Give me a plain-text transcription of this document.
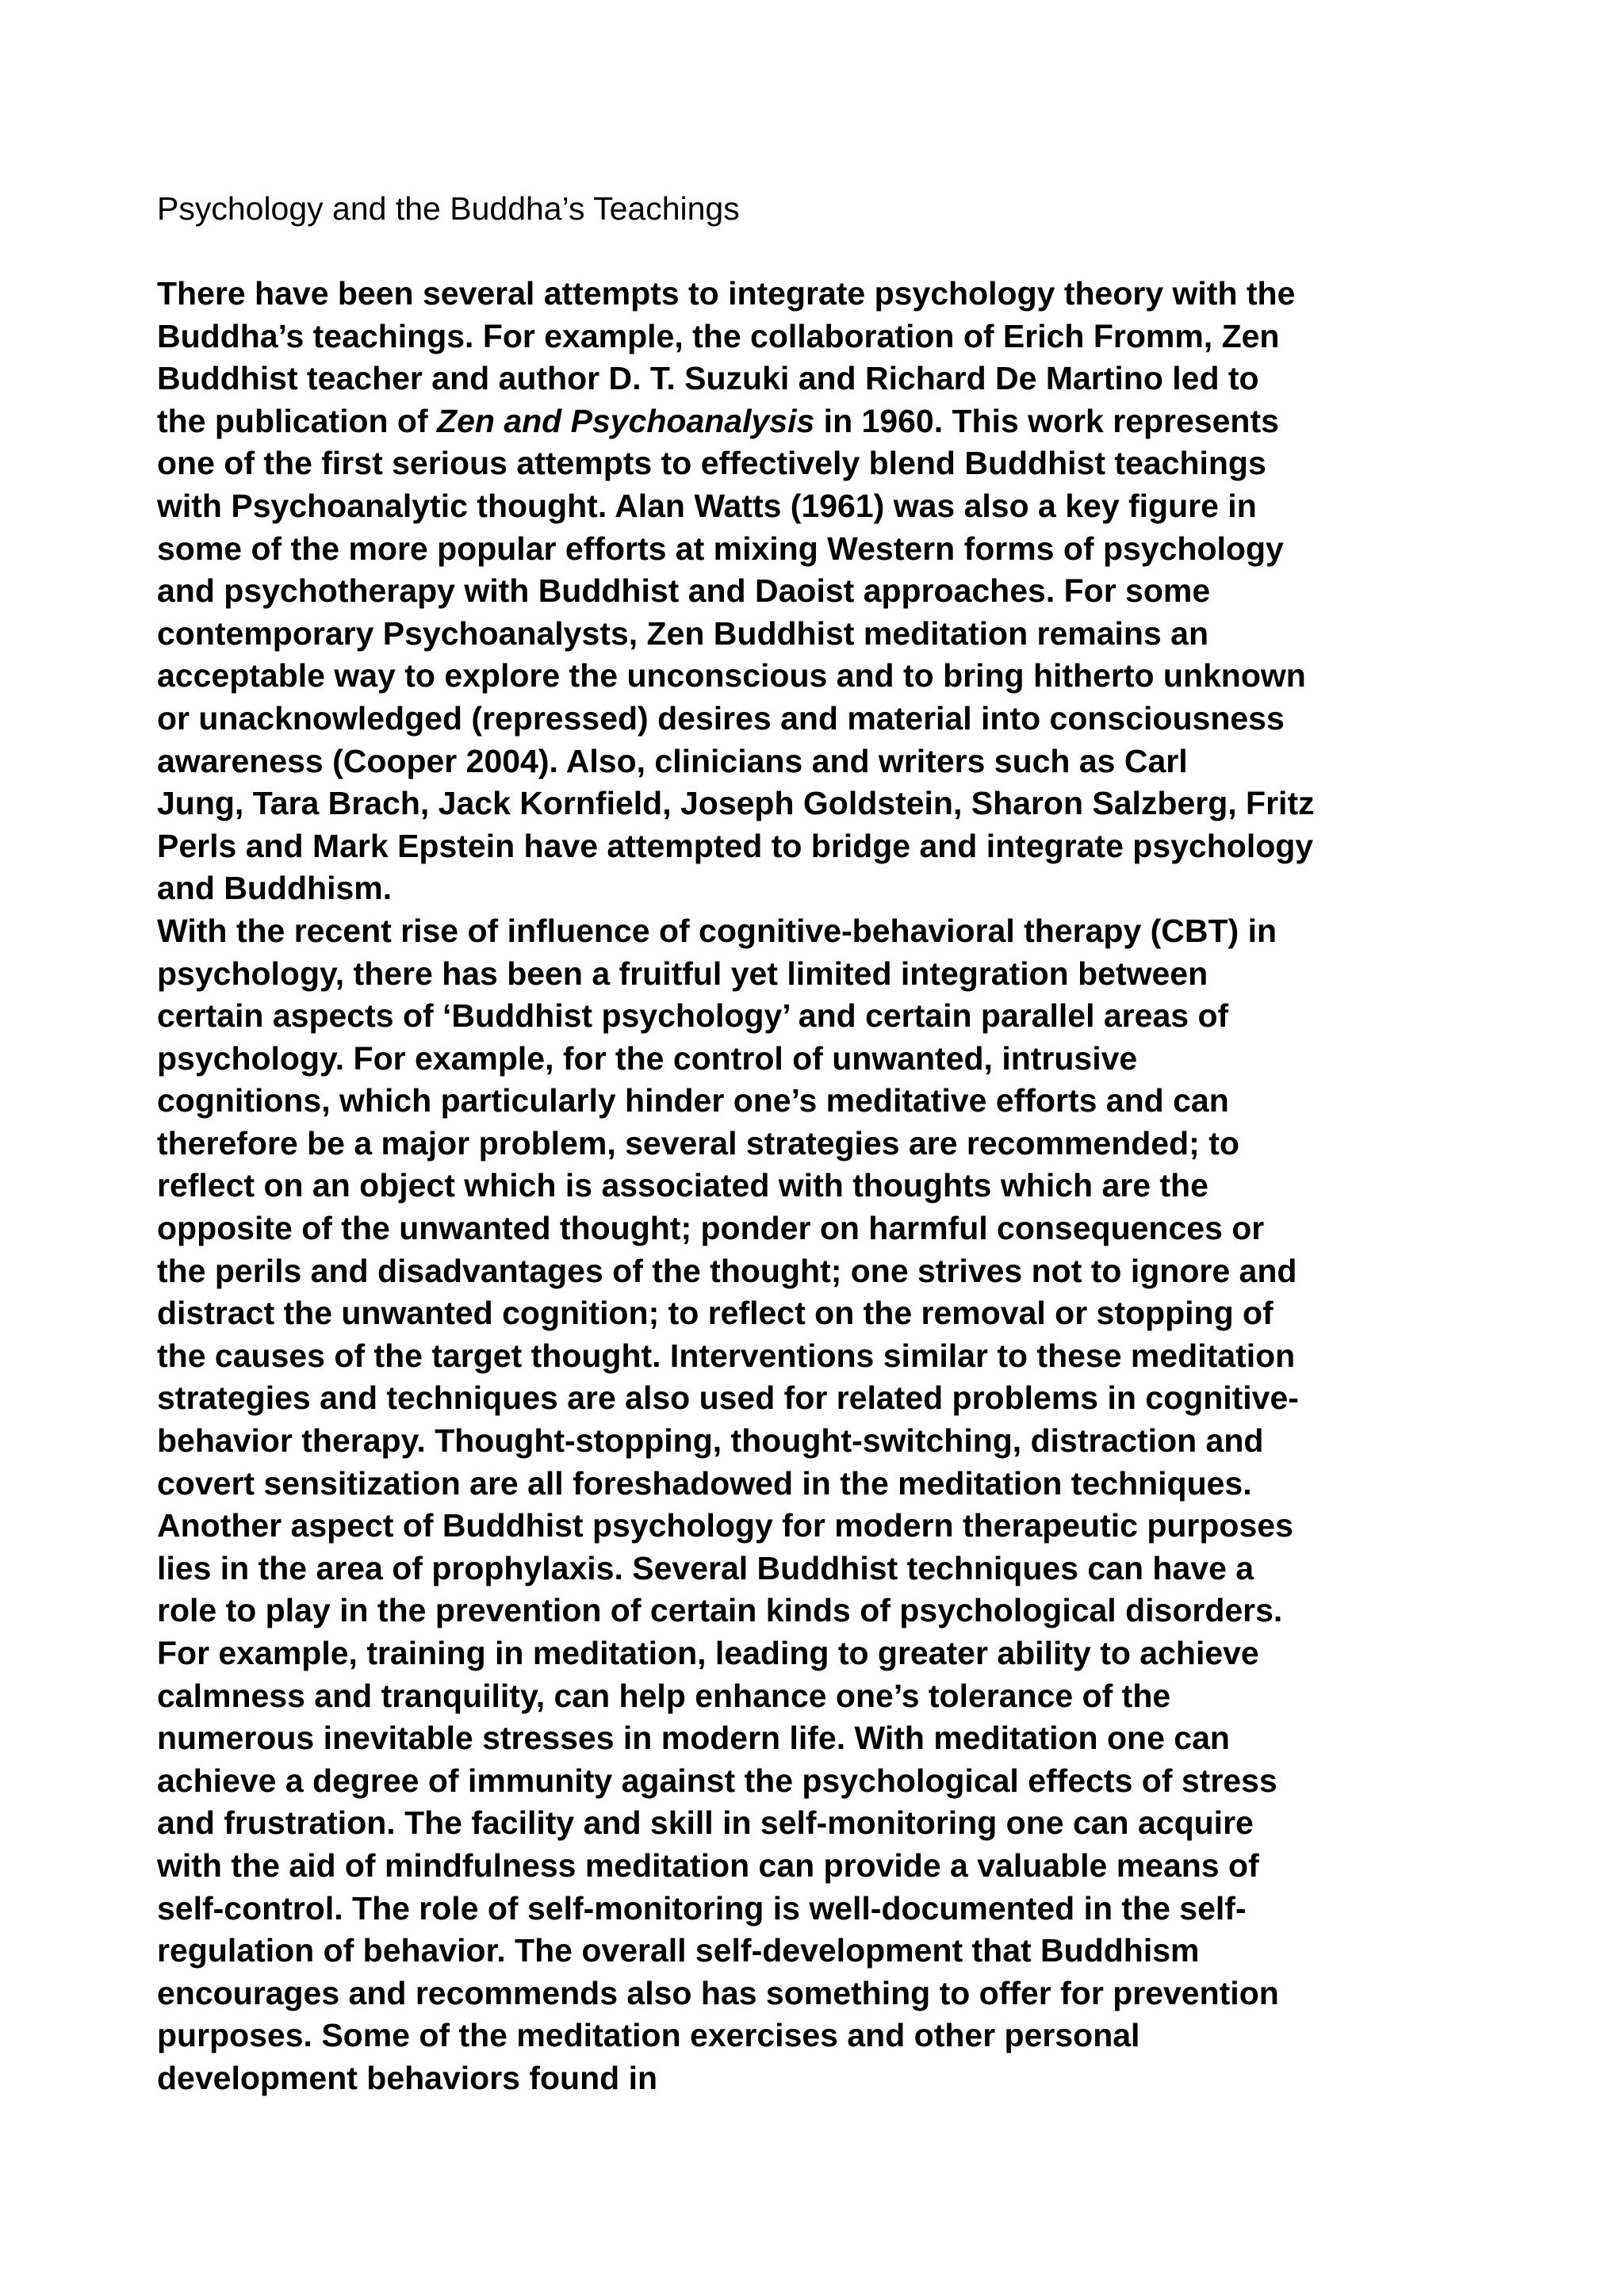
Psychology and the Buddha’s Teachings
There have been several attempts to integrate psychology theory with the
Buddha’s teachings. For example, the collaboration of Erich Fromm, Zen
Buddhist teacher and author D. T. Suzuki and Richard De Martino led to
the publication of Zen and Psychoanalysis in 1960. This work represents
one of the first serious attempts to effectively blend Buddhist teachings
with Psychoanalytic thought. Alan Watts (1961) was also a key figure in
some of the more popular efforts at mixing Western forms of psychology
and psychotherapy with Buddhist and Daoist approaches. For some
contemporary Psychoanalysts, Zen Buddhist meditation remains an
acceptable way to explore the unconscious and to bring hitherto unknown
or unacknowledged (repressed) desires and material into consciousness
awareness (Cooper 2004). Also, clinicians and writers such as Carl
Jung, Tara Brach, Jack Kornfield, Joseph Goldstein, Sharon Salzberg, Fritz
Perls and Mark Epstein have attempted to bridge and integrate psychology
and Buddhism.
With the recent rise of influence of cognitive-behavioral therapy (CBT) in
psychology, there has been a fruitful yet limited integration between
certain aspects of ‘Buddhist psychology’ and certain parallel areas of
psychology. For example, for the control of unwanted, intrusive
cognitions, which particularly hinder one’s meditative efforts and can
therefore be a major problem, several strategies are recommended; to
reflect on an object which is associated with thoughts which are the
opposite of the unwanted thought; ponder on harmful consequences or
the perils and disadvantages of the thought; one strives not to ignore and
distract the unwanted cognition; to reflect on the removal or stopping of
the causes of the target thought. Interventions similar to these meditation
strategies and techniques are also used for related problems in cognitive-
behavior therapy. Thought-stopping, thought-switching, distraction and
covert sensitization are all foreshadowed in the meditation techniques.
Another aspect of Buddhist psychology for modern therapeutic purposes
lies in the area of prophylaxis. Several Buddhist techniques can have a
role to play in the prevention of certain kinds of psychological disorders.
For example, training in meditation, leading to greater ability to achieve
calmness and tranquility, can help enhance one’s tolerance of the
numerous inevitable stresses in modern life. With meditation one can
achieve a degree of immunity against the psychological effects of stress
and frustration. The facility and skill in self-monitoring one can acquire
with the aid of mindfulness meditation can provide a valuable means of
self-control. The role of self-monitoring is well-documented in the self-
regulation of behavior. The overall self-development that Buddhism
encourages and recommends also has something to offer for prevention
purposes. Some of the meditation exercises and other personal
development behaviors found in
